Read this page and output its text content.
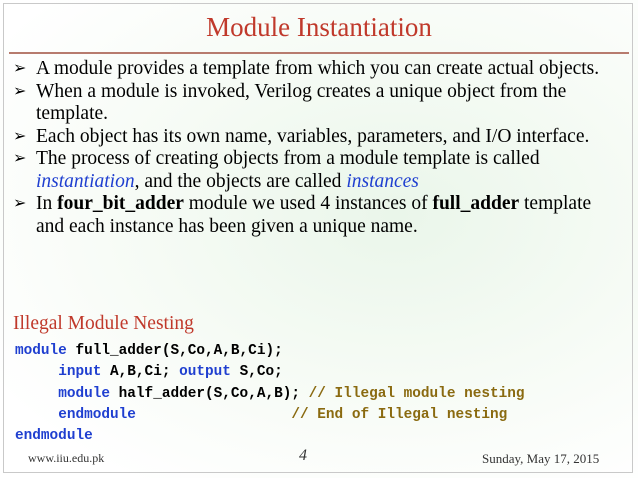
Module Instantiation
➢ A module provides a template from which you can create actual objects.
➢ When a module is invoked, Verilog creates a unique object from the template.
➢ Each object has its own name, variables, parameters, and I/O interface.
➢ The process of creating objects from a module template is called instantiation, and the objects are called instances
➢ In four_bit_adder module we used 4 instances of full_adder template and each instance has been given a unique name.
Illegal Module Nesting
module full_adder(S,Co,A,B,Ci);
input A,B,Ci; output S,Co;
module half_adder(S,Co,A,B); // Illegal module nesting
endmodule	// End of Illegal nesting
endmodule
www.iiu.edu.pk	4	Sunday, May 17, 2015
